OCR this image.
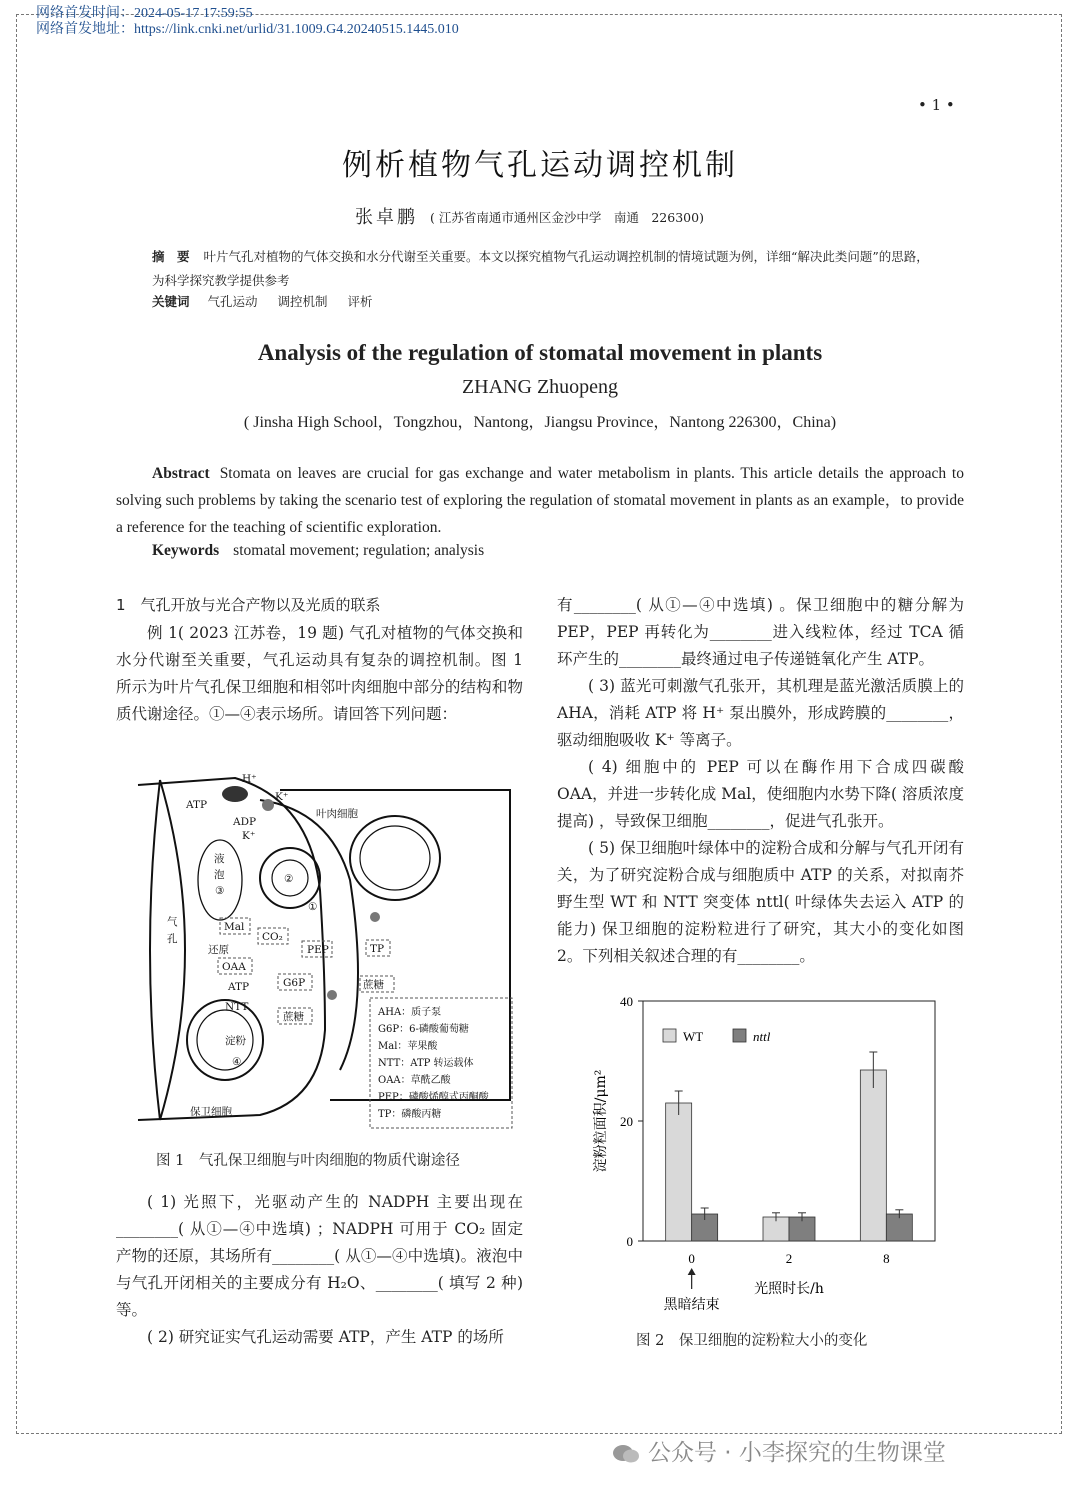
网络首发时间：2024-05-17 17:59:55
网络首发地址：https://link.cnki.net/urlid/31.1009.G4.20240515.1445.010
• 1 •
例析植物气孔运动调控机制
张卓鹏 ( 江苏省南通市通州区金沙中学　南通　226300)
摘　要 叶片气孔对植物的气体交换和水分代谢至关重要。本文以探究植物气孔运动调控机制的情境试题为例，详细“解决此类问题”的思路，为科学探究教学提供参考
关键词 气孔运动 调控机制 评析
Analysis of the regulation of stomatal movement in plants
ZHANG Zhuopeng
( Jinsha High School，Tongzhou，Nantong，Jiangsu Province，Nantong 226300，China)
Abstract Stomata on leaves are crucial for gas exchange and water metabolism in plants. This article details the approach to solving such problems by taking the scenario test of exploring the regulation of stomatal movement in plants as an example，to provide a reference for the teaching of scientific exploration.
Keywords stomatal movement; regulation; analysis
1　气孔开放与光合产物以及光质的联系

例 1( 2023 江苏卷，19 题) 气孔对植物的气体交换和水分代谢至关重要，气孔运动具有复杂的调控机制。图 1 所示为叶片气孔保卫细胞和相邻叶肉细胞中部分的结构和物质代谢途径。①—④表示场所。请回答下列问题：

H⁺
ATP
ADP
K⁺
K⁺
叶肉细胞
液
泡
③
②
①
气
孔
Mal
CO₂
PEP	TP
还原
OAA
ATP	G6P	蔗糖
蔗糖
NTT
淀粉
④
保卫细胞
AHA：质子泵
G6P：6-磷酸葡萄糖
Mal：苹果酸
NTT：ATP 转运载体
OAA：草酰乙酸
PEP：磷酸烯醇式丙酮酸
TP：磷酸丙糖
图 1　气孔保卫细胞与叶肉细胞的物质代谢途径

( 1) 光照下，光驱动产生的 NADPH 主要出现在________( 从①—④中选填) ；NADPH 可用于 CO₂ 固定产物的还原，其场所有________( 从①—④中选填)。液泡中与气孔开闭相关的主要成分有 H₂O、________( 填写 2 种) 等。

( 2) 研究证实气孔运动需要 ATP，产生 ATP 的场所

有________( 从①—④中选填) 。保卫细胞中的糖分解为 PEP，PEP 再转化为________进入线粒体，经过 TCA 循环产生的________最终通过电子传递链氧化产生 ATP。

( 3) 蓝光可刺激气孔张开，其机理是蓝光激活质膜上的 AHA，消耗 ATP 将 H⁺ 泵出膜外，形成跨膜的________，驱动细胞吸收 K⁺ 等离子。

( 4) 细胞中的 PEP 可以在酶作用下合成四碳酸 OAA，并进一步转化成 Mal，使细胞内水势下降( 溶质浓度提高) ，导致保卫细胞________，促进气孔张开。

( 5) 保卫细胞叶绿体中的淀粉合成和分解与气孔开闭有关，为了研究淀粉合成与细胞质中 ATP 的关系，对拟南芥野生型 WT 和 NTT 突变体 nttl( 叶绿体失去运入 ATP 的能力) 保卫细胞的淀粉粒进行了研究，其大小的变化如图 2。下列相关叙述合理的有________。

0
20
40
0	2	8
WT	nttl
光照时长/h
淀粉粒面积/μm²
黑暗结束
图 2　保卫细胞的淀粉粒大小的变化
公众号 · 小李探究的生物课堂
